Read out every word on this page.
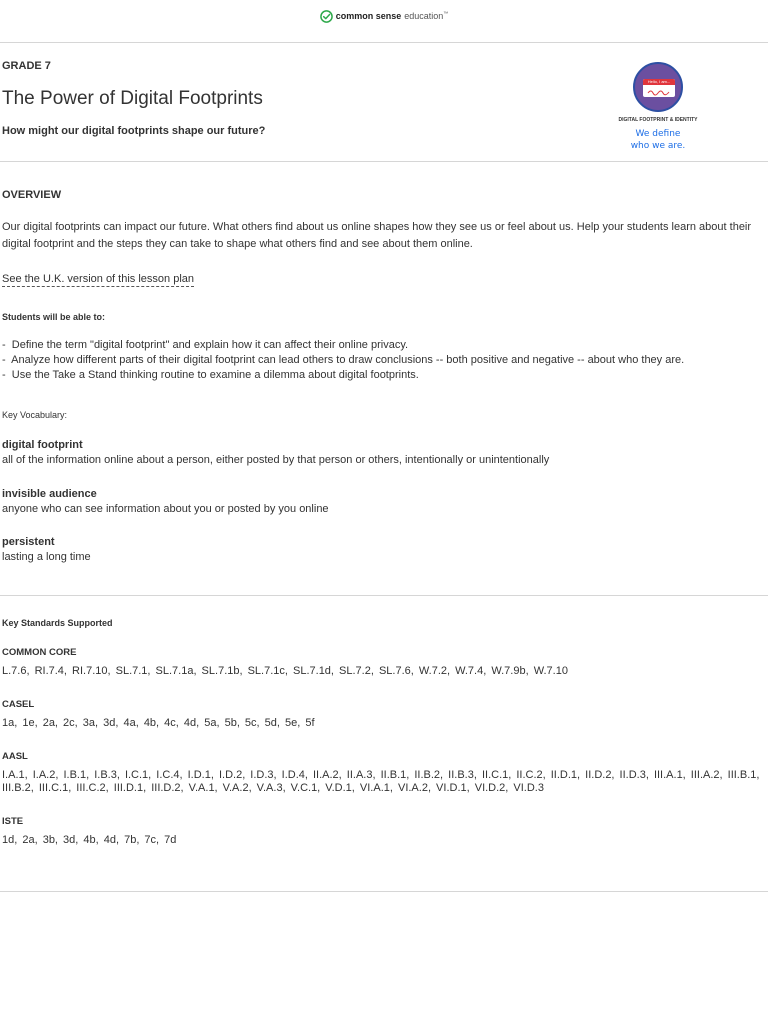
common sense education™
GRADE 7
The Power of Digital Footprints
How might our digital footprints shape our future?
Hello, I am...
DIGITAL FOOTPRINT & IDENTITY
We define
who we are.
OVERVIEW
Our digital footprints can impact our future. What others find about us online shapes how they see us or feel about us. Help your students learn about their digital footprint and the steps they can take to shape what others find and see about them online.
See the U.K. version of this lesson plan
Students will be able to:
- Define the term "digital footprint" and explain how it can affect their online privacy.
- Analyze how different parts of their digital footprint can lead others to draw conclusions -- both positive and negative -- about who they are.
- Use the Take a Stand thinking routine to examine a dilemma about digital footprints.
Key Vocabulary:
digital footprint
all of the information online about a person, either posted by that person or others, intentionally or unintentionally
invisible audience
anyone who can see information about you or posted by you online
persistent
lasting a long time
Key Standards Supported
COMMON CORE
L.7.6, RI.7.4, RI.7.10, SL.7.1, SL.7.1a, SL.7.1b, SL.7.1c, SL.7.1d, SL.7.2, SL.7.6, W.7.2, W.7.4, W.7.9b, W.7.10
CASEL
1a, 1e, 2a, 2c, 3a, 3d, 4a, 4b, 4c, 4d, 5a, 5b, 5c, 5d, 5e, 5f
AASL
I.A.1, I.A.2, I.B.1, I.B.3, I.C.1, I.C.4, I.D.1, I.D.2, I.D.3, I.D.4, II.A.2, II.A.3, II.B.1, II.B.2, II.B.3, II.C.1, II.C.2, II.D.1, II.D.2, II.D.3, III.A.1, III.A.2, III.B.1, III.B.2, III.C.1, III.C.2, III.D.1, III.D.2, V.A.1, V.A.2, V.A.3, V.C.1, V.D.1, VI.A.1, VI.A.2, VI.D.1, VI.D.2, VI.D.3
ISTE
1d, 2a, 3b, 3d, 4b, 4d, 7b, 7c, 7d
